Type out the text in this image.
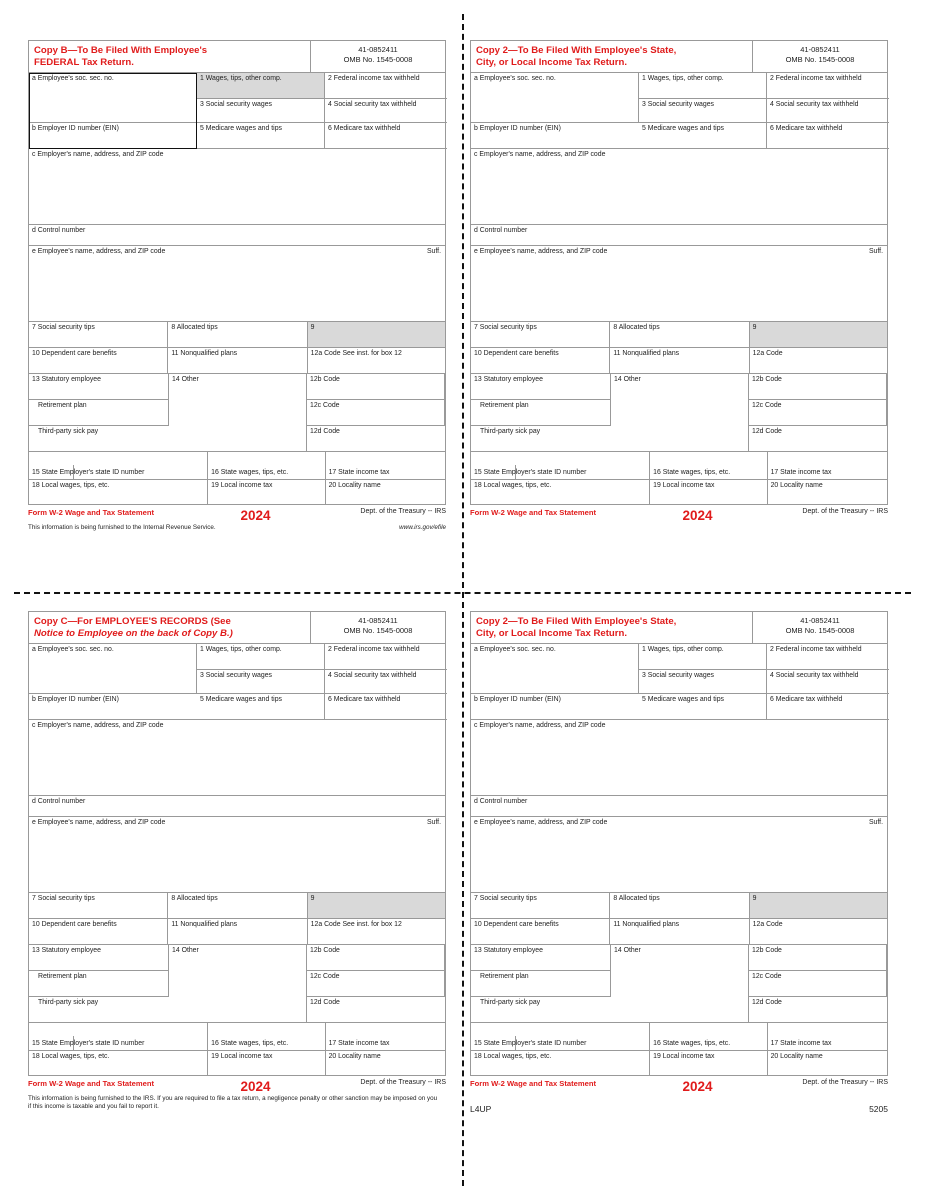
Copy B—To Be Filed With Employee's
FEDERAL Tax Return.
41-0852411
OMB No. 1545-0008
a Employee's soc. sec. no.
b Employer ID number (EIN)
1 Wages, tips, other comp.	2 Federal income tax withheld
3 Social security wages	4 Social security tax withheld
5 Medicare wages and tips	6 Medicare tax withheld
c Employer's name, address, and ZIP code
d Control number
e Employee's name, address, and ZIP code	Suff.
7 Social security tips	8 Allocated tips	9
10 Dependent care benefits	11 Nonqualified plans	12a Code See inst. for box 12
13 Statutory employee
Retirement plan
Third-party sick pay
14 Other	12b Code
12c Code
12d Code
15 State Employer's state ID number	16 State wages, tips, etc.	17 State income tax
18 Local wages, tips, etc.	19 Local income tax	20 Locality name
Form W-2 Wage and Tax Statement	2024	Dept. of the Treasury -- IRS
This information is being furnished to the Internal Revenue Service.	www.irs.gov/efile
Copy 2—To Be Filed With Employee's State,
City, or Local Income Tax Return.
41-0852411
OMB No. 1545-0008
a Employee's soc. sec. no.
b Employer ID number (EIN)
1 Wages, tips, other comp.	2 Federal income tax withheld
3 Social security wages	4 Social security tax withheld
5 Medicare wages and tips	6 Medicare tax withheld
c Employer's name, address, and ZIP code
d Control number
e Employee's name, address, and ZIP code	Suff.
7 Social security tips	8 Allocated tips	9
10 Dependent care benefits	11 Nonqualified plans	12a Code
13 Statutory employee
Retirement plan
Third-party sick pay
14 Other	12b Code
12c Code
12d Code
15 State Employer's state ID number	16 State wages, tips, etc.	17 State income tax
18 Local wages, tips, etc.	19 Local income tax	20 Locality name
Form W-2 Wage and Tax Statement	2024	Dept. of the Treasury -- IRS
Copy C—For EMPLOYEE'S RECORDS (See
Notice to Employee on the back of Copy B.)
41-0852411
OMB No. 1545-0008
a Employee's soc. sec. no.
b Employer ID number (EIN)
1 Wages, tips, other comp.	2 Federal income tax withheld
3 Social security wages	4 Social security tax withheld
5 Medicare wages and tips	6 Medicare tax withheld
c Employer's name, address, and ZIP code
d Control number
e Employee's name, address, and ZIP code	Suff.
7 Social security tips	8 Allocated tips	9
10 Dependent care benefits	11 Nonqualified plans	12a Code See inst. for box 12
13 Statutory employee
Retirement plan
Third-party sick pay
14 Other	12b Code
12c Code
12d Code
15 State Employer's state ID number	16 State wages, tips, etc.	17 State income tax
18 Local wages, tips, etc.	19 Local income tax	20 Locality name
Form W-2 Wage and Tax Statement	2024	Dept. of the Treasury -- IRS
This information is being furnished to the IRS. If you are required to file a tax return, a negligence penalty or other sanction may be imposed on you if this income is taxable and you fail to report it.
Copy 2—To Be Filed With Employee's State,
City, or Local Income Tax Return.
41-0852411
OMB No. 1545-0008
a Employee's soc. sec. no.
b Employer ID number (EIN)
1 Wages, tips, other comp.	2 Federal income tax withheld
3 Social security wages	4 Social security tax withheld
5 Medicare wages and tips	6 Medicare tax withheld
c Employer's name, address, and ZIP code
d Control number
e Employee's name, address, and ZIP code	Suff.
7 Social security tips	8 Allocated tips	9
10 Dependent care benefits	11 Nonqualified plans	12a Code
13 Statutory employee
Retirement plan
Third-party sick pay
14 Other	12b Code
12c Code
12d Code
15 State Employer's state ID number	16 State wages, tips, etc.	17 State income tax
18 Local wages, tips, etc.	19 Local income tax	20 Locality name
Form W-2 Wage and Tax Statement	2024	Dept. of the Treasury -- IRS
L4UP	5205
